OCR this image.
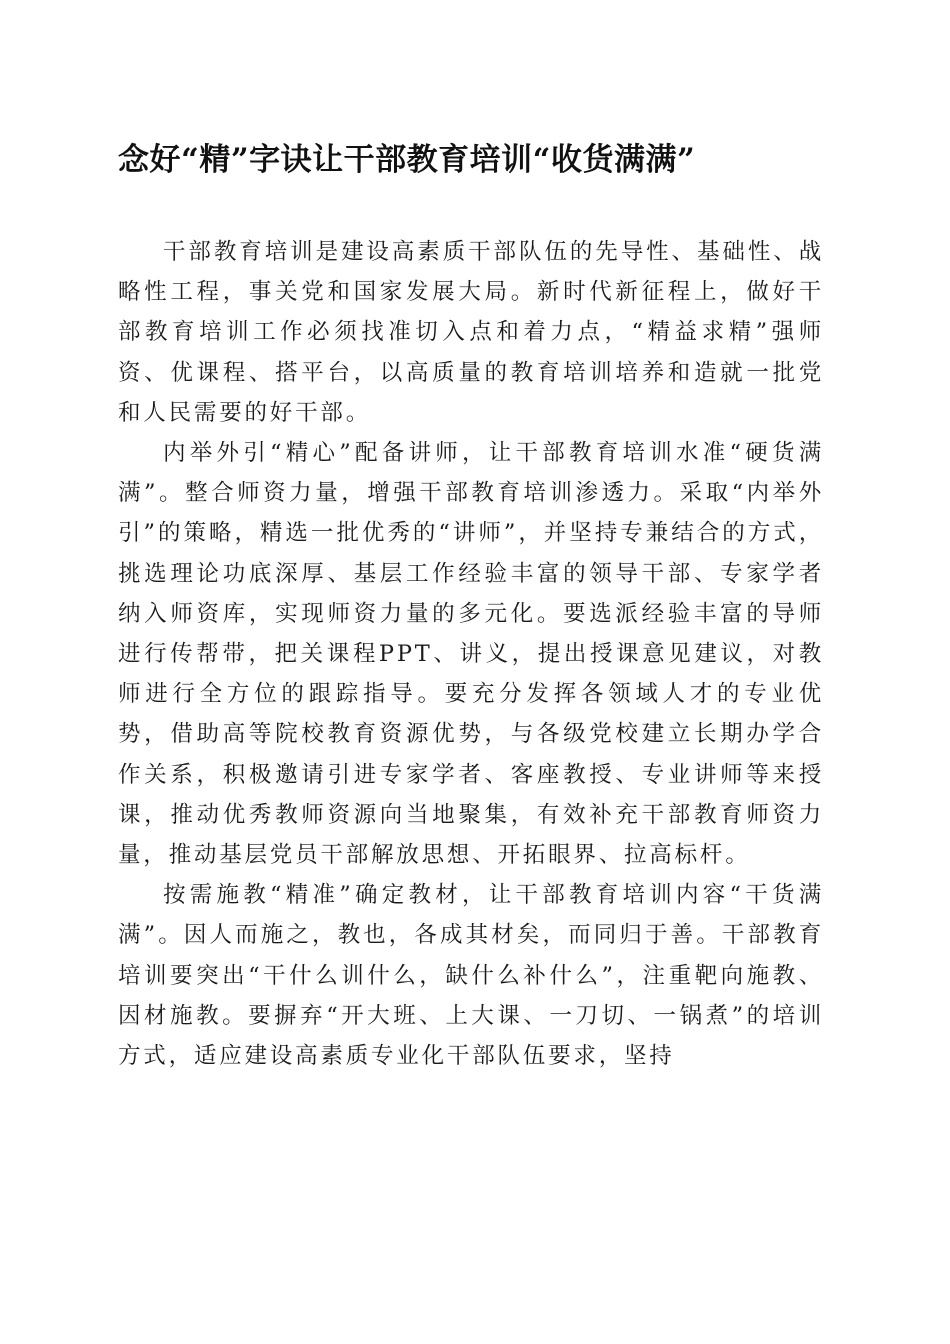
念好“精”字诀让干部教育培训“收货满满”

干部教育培训是建设高素质干部队伍的先导性、基础性、战略性工程，事关党和国家发展大局。新时代新征程上，做好干部教育培训工作必须找准切入点和着力点，“精益求精”强师资、优课程、搭平台，以高质量的教育培训培养和造就一批党和人民需要的好干部。

内举外引“精心”配备讲师，让干部教育培训水准“硬货满满”。整合师资力量，增强干部教育培训渗透力。采取“内举外引”的策略，精选一批优秀的“讲师”，并坚持专兼结合的方式，挑选理论功底深厚、基层工作经验丰富的领导干部、专家学者纳入师资库，实现师资力量的多元化。要选派经验丰富的导师进行传帮带，把关课程PPT、讲义，提出授课意见建议，对教师进行全方位的跟踪指导。要充分发挥各领域人才的专业优势，借助高等院校教育资源优势，与各级党校建立长期办学合作关系，积极邀请引进专家学者、客座教授、专业讲师等来授课，推动优秀教师资源向当地聚集，有效补充干部教育师资力量，推动基层党员干部解放思想、开拓眼界、拉高标杆。

按需施教“精准”确定教材，让干部教育培训内容“干货满满”。因人而施之，教也，各成其材矣，而同归于善。干部教育培训要突出“干什么训什么，缺什么补什么”，注重靶向施教、因材施教。要摒弃“开大班、上大课、一刀切、一锅煮”的培训方式，适应建设高素质专业化干部队伍要求，坚持
